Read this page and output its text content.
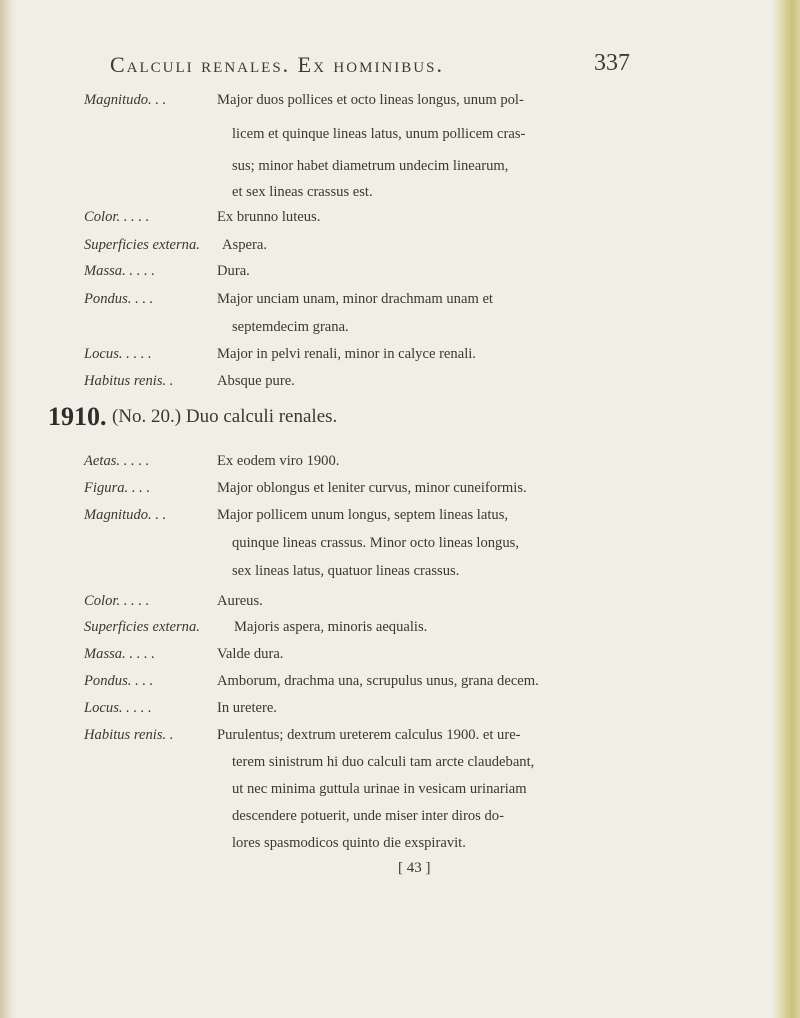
Calculi renales. Ex hominibus.	337
Magnitudo. . .	Major duos pollices et octo lineas longus, unum pol-
licem et quinque lineas latus, unum pollicem cras-
sus; minor habet diametrum undecim linearum,
et sex lineas crassus est.
Color. . . . .	Ex brunno luteus.
Superficies externa. Aspera.
Massa. . . . .	Dura.
Pondus. . . .	Major unciam unam, minor drachmam unam et
septemdecim grana.
Locus. . . . .	Major in pelvi renali, minor in calyce renali.
Habitus renis. .	Absque pure.
1910. (No. 20.) Duo calculi renales.
Aetas. . . . .	Ex eodem viro 1900.
Figura. . . .	Major oblongus et leniter curvus, minor cuneiformis.
Magnitudo. . .	Major pollicem unum longus, septem lineas latus,
quinque lineas crassus. Minor octo lineas longus,
sex lineas latus, quatuor lineas crassus.
Color. . . . .	Aureus.
Superficies externa. Majoris aspera, minoris aequalis.
Massa. . . . .	Valde dura.
Pondus. . . .	Amborum, drachma una, scrupulus unus, grana decem.
Locus. . . . .	In uretere.
Habitus renis. .	Purulentus; dextrum ureterem calculus 1900. et ure-
terem sinistrum hi duo calculi tam arcte claudebant,
ut nec minima guttula urinae in vesicam urinariam
descendere potuerit, unde miser inter diros do-
lores spasmodicos quinto die exspiravit.
[ 43 ]
